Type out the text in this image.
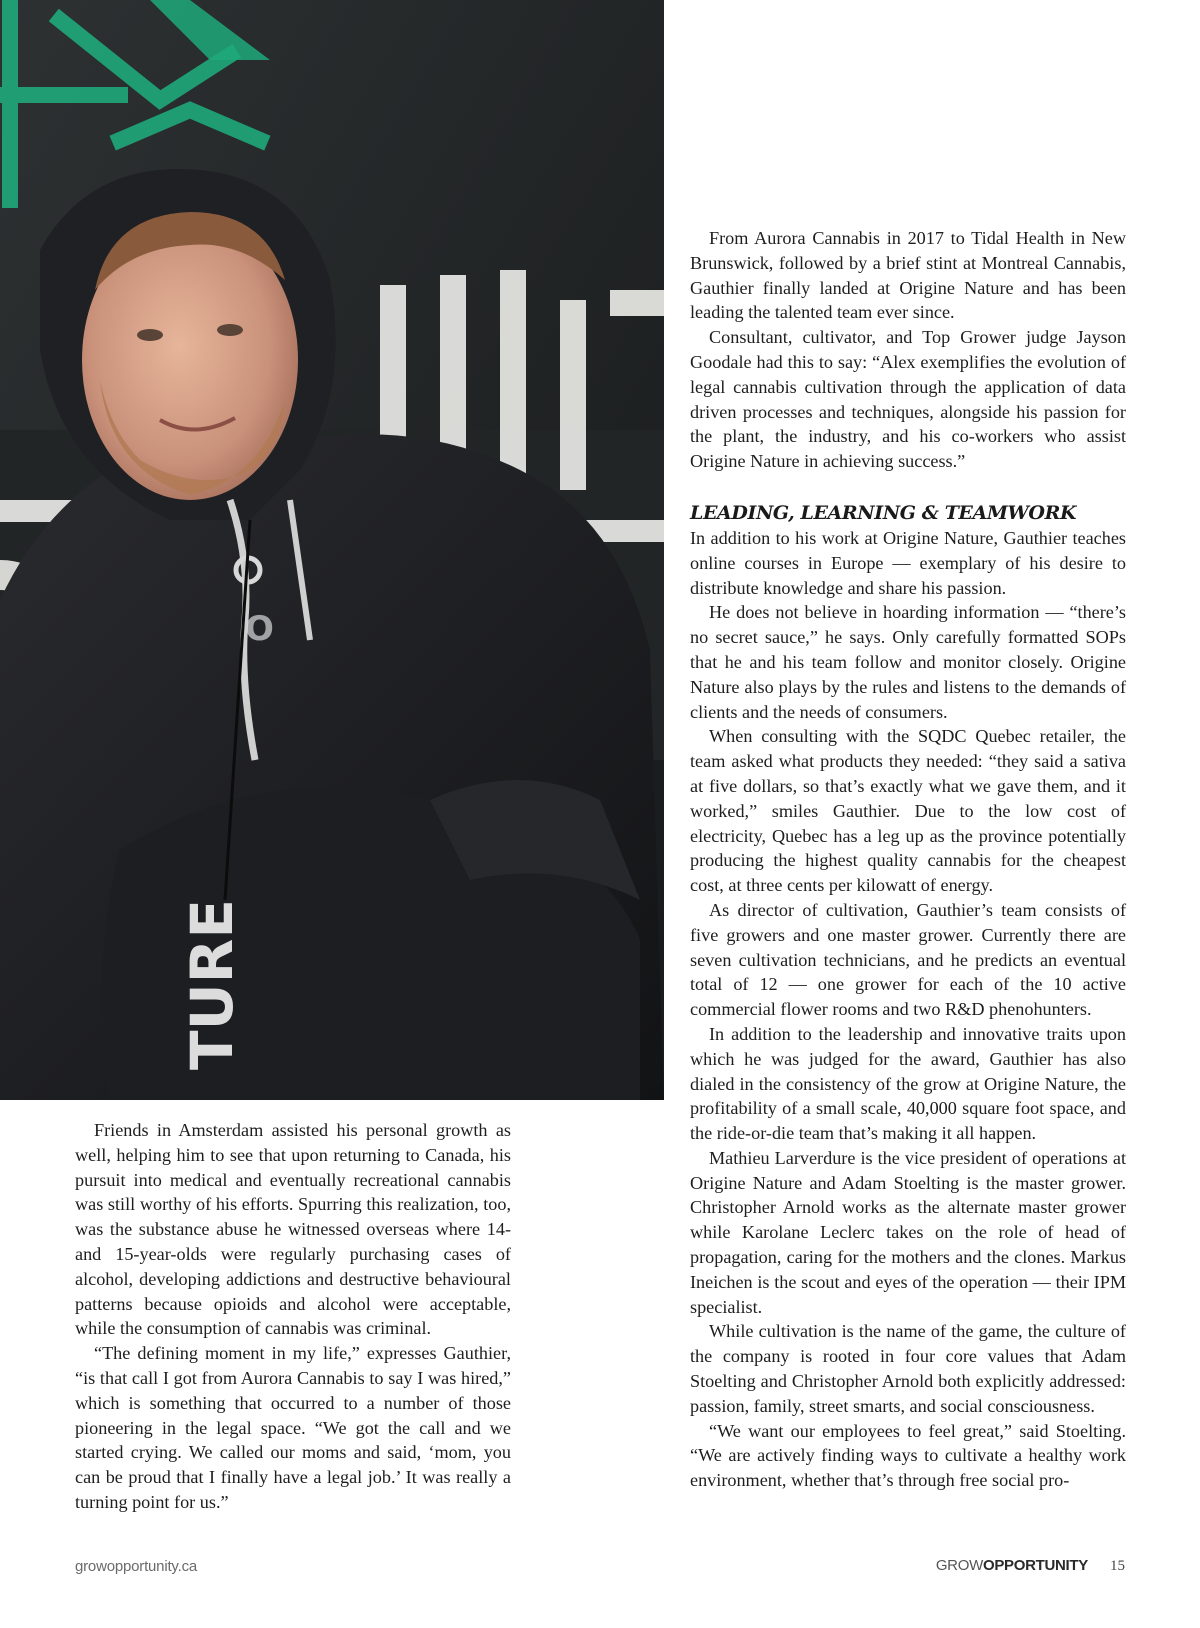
O
TURE

Friends in Amsterdam assisted his personal growth as well, helping him to see that upon returning to Canada, his pursuit into medical and eventually recreational cannabis was still worthy of his efforts. Spurring this realization, too, was the substance abuse he witnessed overseas where 14- and 15-year-olds were regularly purchasing cases of alcohol, developing addictions and destructive behavioural patterns because opioids and alcohol were acceptable, while the consumption of cannabis was criminal.

“The defining moment in my life,” expresses Gauthier, “is that call I got from Aurora Cannabis to say I was hired,” which is something that occurred to a number of those pioneering in the legal space. “We got the call and we started crying. We called our moms and said, ‘mom, you can be proud that I finally have a legal job.’ It was really a turning point for us.”

From Aurora Cannabis in 2017 to Tidal Health in New Brunswick, followed by a brief stint at Montreal Cannabis, Gauthier finally landed at Origine Nature and has been leading the talented team ever since.

Consultant, cultivator, and Top Grower judge Jayson Goodale had this to say: “Alex exemplifies the evolution of legal cannabis cultivation through the application of data driven processes and techniques, alongside his passion for the plant, the industry, and his co-workers who assist Origine Nature in achieving success.”

LEADING, LEARNING & TEAMWORK

In addition to his work at Origine Nature, Gauthier teaches online courses in Europe — exemplary of his desire to distribute knowledge and share his passion.

He does not believe in hoarding information — “there’s no secret sauce,” he says. Only carefully formatted SOPs that he and his team follow and monitor closely. Origine Nature also plays by the rules and listens to the demands of clients and the needs of consumers.

When consulting with the SQDC Quebec retailer, the team asked what products they needed: “they said a sativa at five dollars, so that’s exactly what we gave them, and it worked,” smiles Gauthier. Due to the low cost of electricity, Quebec has a leg up as the province potentially producing the highest quality cannabis for the cheapest cost, at three cents per kilowatt of energy.

As director of cultivation, Gauthier’s team consists of five growers and one master grower. Currently there are seven cultivation technicians, and he predicts an eventual total of 12 — one grower for each of the 10 active commercial flower rooms and two R&D phenohunters.

In addition to the leadership and innovative traits upon which he was judged for the award, Gauthier has also dialed in the consistency of the grow at Origine Nature, the profitability of a small scale, 40,000 square foot space, and the ride-or-die team that’s making it all happen.

Mathieu Larverdure is the vice president of operations at Origine Nature and Adam Stoelting is the master grower. Christopher Arnold works as the alternate master grower while Karolane Leclerc takes on the role of head of propagation, caring for the mothers and the clones. Markus Ineichen is the scout and eyes of the operation — their IPM specialist.

While cultivation is the name of the game, the culture of the company is rooted in four core values that Adam Stoelting and Christopher Arnold both explicitly addressed: passion, family, street smarts, and social consciousness.

“We want our employees to feel great,” said Stoelting. “We are actively finding ways to cultivate a healthy work environment, whether that’s through free social pro-

growopportunity.ca	GROWOPPORTUNITY 15
